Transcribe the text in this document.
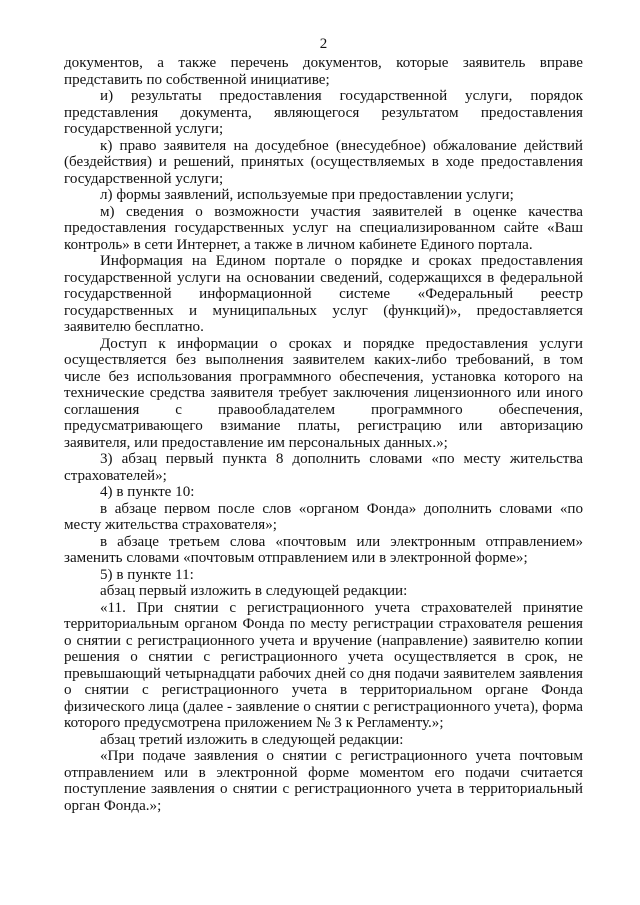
2

документов, а также перечень документов, которые заявитель вправе представить по собственной инициативе;

и) результаты предоставления государственной услуги, порядок представления документа, являющегося результатом предоставления государственной услуги;

к) право заявителя на досудебное (внесудебное) обжалование действий (бездействия) и решений, принятых (осуществляемых в ходе предоставления государственной услуги;

л) формы заявлений, используемые при предоставлении услуги;

м) сведения о возможности участия заявителей в оценке качества предоставления государственных услуг на специализированном сайте «Ваш контроль» в сети Интернет, а также в личном кабинете Единого портала.

Информация на Едином портале о порядке и сроках предоставления государственной услуги на основании сведений, содержащихся в федеральной государственной информационной системе «Федеральный реестр государственных и муниципальных услуг (функций)», предоставляется заявителю бесплатно.

Доступ к информации о сроках и порядке предоставления услуги осуществляется без выполнения заявителем каких-либо требований, в том числе без использования программного обеспечения, установка которого на технические средства заявителя требует заключения лицензионного или иного соглашения с правообладателем программного обеспечения, предусматривающего взимание платы, регистрацию или авторизацию заявителя, или предоставление им персональных данных.»;

3) абзац первый пункта 8 дополнить словами «по месту жительства страхователей»;

4) в пункте 10:

в абзаце первом после слов «органом Фонда» дополнить словами «по месту жительства страхователя»;

в абзаце третьем слова «почтовым или электронным отправлением» заменить словами «почтовым отправлением или в электронной форме»;

5) в пункте 11:

абзац первый изложить в следующей редакции:

«11. При снятии с регистрационного учета страхователей принятие территориальным органом Фонда по месту регистрации страхователя решения о снятии с регистрационного учета и вручение (направление) заявителю копии решения о снятии с регистрационного учета осуществляется в срок, не превышающий четырнадцати рабочих дней со дня подачи заявителем заявления о снятии с регистрационного учета в территориальном органе Фонда физического лица (далее - заявление о снятии с регистрационного учета), форма которого предусмотрена приложением № 3 к Регламенту.»;

абзац третий изложить в следующей редакции:

«При подаче заявления о снятии с регистрационного учета почтовым отправлением или в электронной форме моментом его подачи считается поступление заявления о снятии с регистрационного учета в территориальный орган Фонда.»;
